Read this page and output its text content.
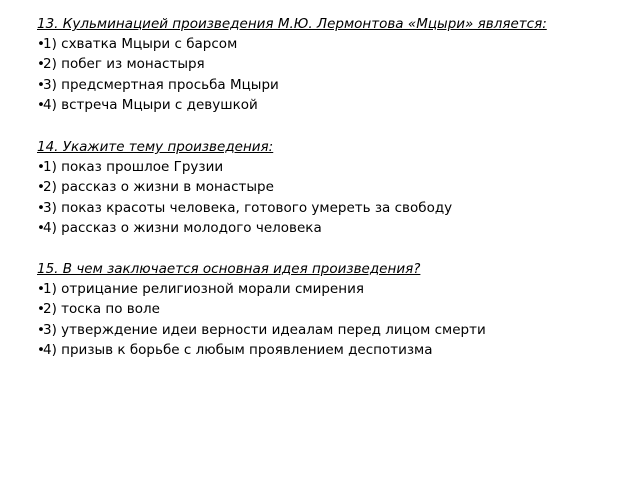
13. Кульминацией произведения М.Ю. Лермонтова «Мцыри» является:
•1) схватка Мцыри с барсом
•2) побег из монастыря
•3) предсмертная просьба Мцыри
•4) встреча Мцыри с девушкой
14. Укажите тему произведения:
•1) показ прошлое Грузии
•2) рассказ о жизни в монастыре
•3) показ красоты человека, готового умереть за свободу
•4) рассказ о жизни молодого человека
15. В чем заключается основная идея произведения?
•1) отрицание религиозной морали смирения
•2) тоска по воле
•3) утверждение идеи верности идеалам перед лицом смерти
•4) призыв к борьбе с любым проявлением деспотизма
